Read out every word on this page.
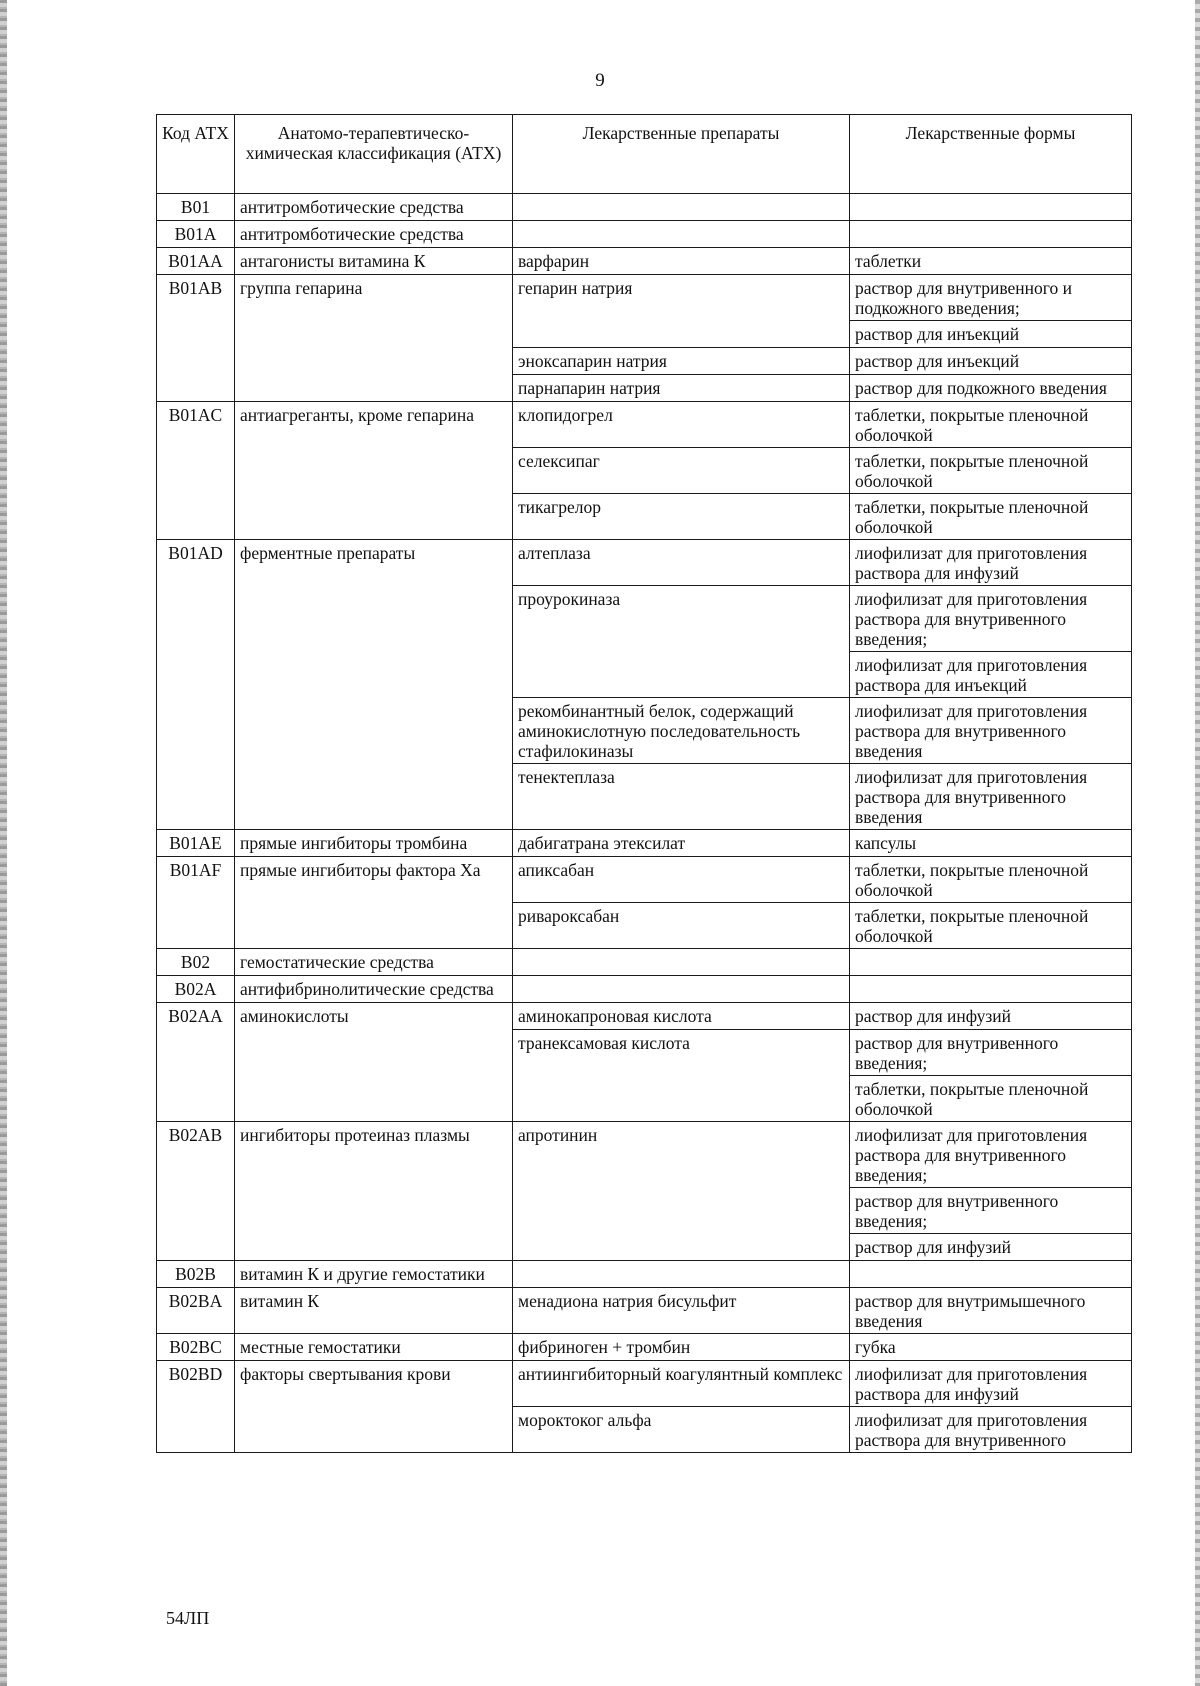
9
Код АТХ	Анатомо-терапевтическо-химическая классификация (АТХ)	Лекарственные препараты	Лекарственные формы
B01	антитромботические средства		
B01A	антитромботические средства		
B01AA	антагонисты витамина К	варфарин	таблетки
B01AB	группа гепарина	гепарин натрия	раствор для внутривенного и подкожного введения;
			раствор для инъекций
		эноксапарин натрия	раствор для инъекций
		парнапарин натрия	раствор для подкожного введения
B01AC	антиагреганты, кроме гепарина	клопидогрел	таблетки, покрытые пленочной оболочкой
		селексипаг	таблетки, покрытые пленочной оболочкой
		тикагрелор	таблетки, покрытые пленочной оболочкой
B01AD	ферментные препараты	алтеплаза	лиофилизат для приготовления раствора для инфузий
		проурокиназа	лиофилизат для приготовления раствора для внутривенного введения;
			лиофилизат для приготовления раствора для инъекций
		рекомбинантный белок, содержащий аминокислотную последовательность стафилокиназы	лиофилизат для приготовления раствора для внутривенного введения
		тенектеплаза	лиофилизат для приготовления раствора для внутривенного введения
B01AE	прямые ингибиторы тромбина	дабигатрана этексилат	капсулы
B01AF	прямые ингибиторы фактора Xa	апиксабан	таблетки, покрытые пленочной оболочкой
		ривароксабан	таблетки, покрытые пленочной оболочкой
B02	гемостатические средства		
B02A	антифибринолитические средства		
B02AA	аминокислоты	аминокапроновая кислота	раствор для инфузий
		транексамовая кислота	раствор для внутривенного введения;
			таблетки, покрытые пленочной оболочкой
B02AB	ингибиторы протеиназ плазмы	апротинин	лиофилизат для приготовления раствора для внутривенного введения;
			раствор для внутривенного введения;
			раствор для инфузий
B02B	витамин К и другие гемостатики		
B02BA	витамин К	менадиона натрия бисульфит	раствор для внутримышечного введения
B02BC	местные гемостатики	фибриноген + тромбин	губка
B02BD	факторы свертывания крови	антиингибиторный коагулянтный комплекс	лиофилизат для приготовления раствора для инфузий
		мороктоког альфа	лиофилизат для приготовления раствора для внутривенного
54ЛП
